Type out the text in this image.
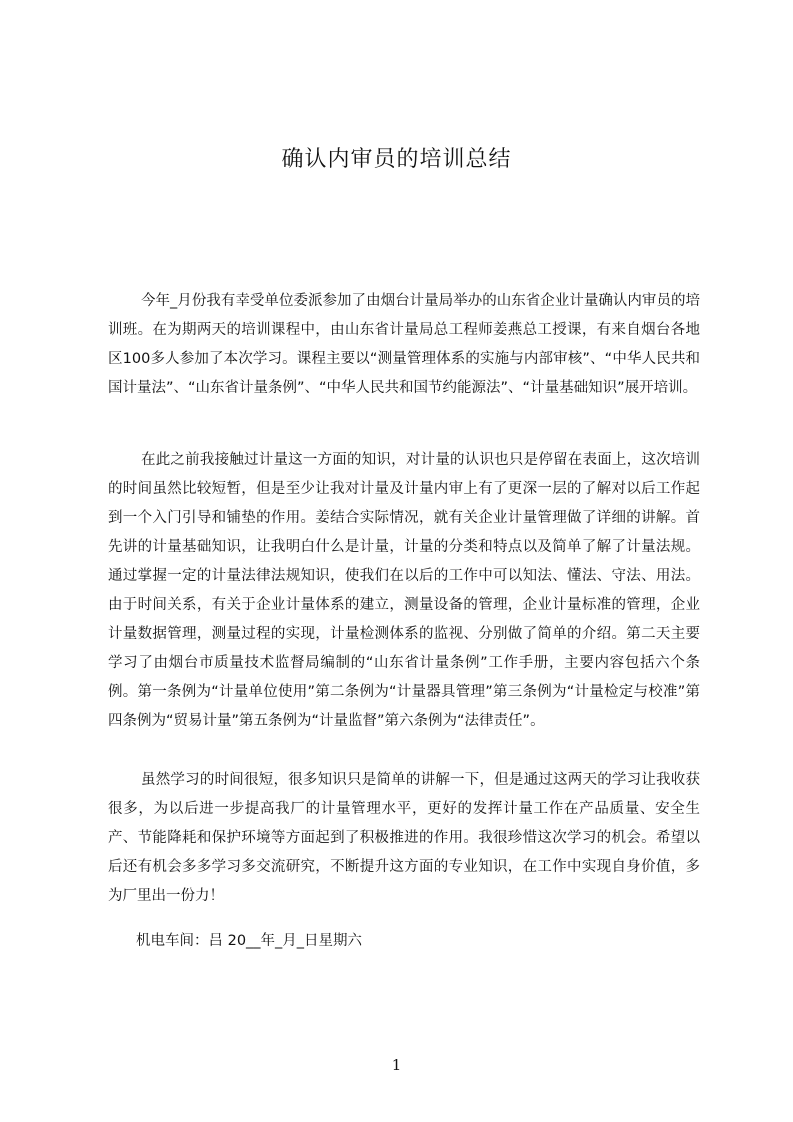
确认内审员的培训总结

今年_月份我有幸受单位委派参加了由烟台计量局举办的山东省企业计量确认内审员的培训班。在为期两天的培训课程中，由山东省计量局总工程师姜燕总工授课，有来自烟台各地区100多人参加了本次学习。课程主要以“测量管理体系的实施与内部审核”、“中华人民共和国计量法”、“山东省计量条例”、“中华人民共和国节约能源法”、“计量基础知识”展开培训。

在此之前我接触过计量这一方面的知识，对计量的认识也只是停留在表面上，这次培训的时间虽然比较短暂，但是至少让我对计量及计量内审上有了更深一层的了解对以后工作起到一个入门引导和铺垫的作用。姜结合实际情况，就有关企业计量管理做了详细的讲解。首先讲的计量基础知识，让我明白什么是计量，计量的分类和特点以及简单了解了计量法规。通过掌握一定的计量法律法规知识，使我们在以后的工作中可以知法、懂法、守法、用法。由于时间关系，有关于企业计量体系的建立，测量设备的管理，企业计量标准的管理，企业计量数据管理，测量过程的实现，计量检测体系的监视、分别做了简单的介绍。第二天主要学习了由烟台市质量技术监督局编制的“山东省计量条例”工作手册，主要内容包括六个条例。第一条例为“计量单位使用”第二条例为“计量器具管理”第三条例为“计量检定与校准”第四条例为“贸易计量”第五条例为“计量监督”第六条例为“法律责任”。

虽然学习的时间很短，很多知识只是简单的讲解一下，但是通过这两天的学习让我收获很多，为以后进一步提高我厂的计量管理水平，更好的发挥计量工作在产品质量、安全生产、节能降耗和保护环境等方面起到了积极推进的作用。我很珍惜这次学习的机会。希望以后还有机会多多学习多交流研究，不断提升这方面的专业知识，在工作中实现自身价值，多为厂里出一份力！

机电车间：吕 20__年_月_日星期六

1
